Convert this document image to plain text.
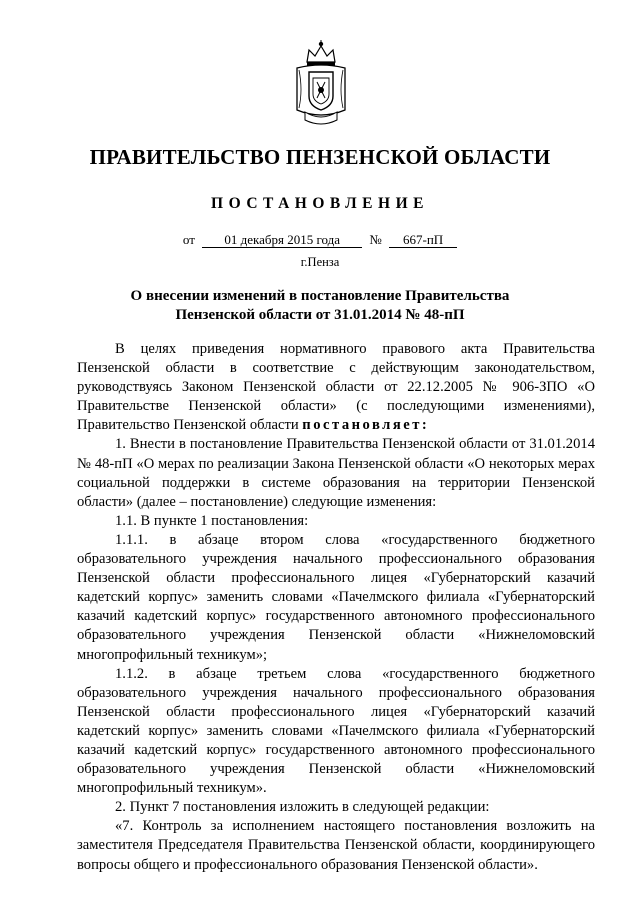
ПРАВИТЕЛЬСТВО ПЕНЗЕНСКОЙ ОБЛАСТИ
ПОСТАНОВЛЕНИЕ
от 01 декабря 2015 года № 667-пП
г.Пенза
О внесении изменений в постановление Правительства
Пензенской области от 31.01.2014 № 48-пП

В целях приведения нормативного правового акта Правительства Пензенской области в соответствие с действующим законодательством, руководствуясь Законом Пензенской области от 22.12.2005 № 906-ЗПО «О Правительстве Пензенской области» (с последующими изменениями), Правительство Пензенской области постановляет:

1. Внести в постановление Правительства Пензенской области от 31.01.2014 № 48-пП «О мерах по реализации Закона Пензенской области «О некоторых мерах социальной поддержки в системе образования на территории Пензенской области» (далее – постановление) следующие изменения:

1.1. В пункте 1 постановления:

1.1.1. в абзаце втором слова «государственного бюджетного образовательного учреждения начального профессионального образования Пензенской области профессионального лицея «Губернаторский казачий кадетский корпус» заменить словами «Пачелмского филиала «Губернаторский казачий кадетский корпус» государственного автономного профессионального образовательного учреждения Пензенской области «Нижнеломовский многопрофильный техникум»;

1.1.2. в абзаце третьем слова «государственного бюджетного образовательного учреждения начального профессионального образования Пензенской области профессионального лицея «Губернаторский казачий кадетский корпус» заменить словами «Пачелмского филиала «Губернаторский казачий кадетский корпус» государственного автономного профессионального образовательного учреждения Пензенской области «Нижнеломовский многопрофильный техникум».

2. Пункт 7 постановления изложить в следующей редакции:

«7. Контроль за исполнением настоящего постановления возложить на заместителя Председателя Правительства Пензенской области, координирующего вопросы общего и профессионального образования Пензенской области».
